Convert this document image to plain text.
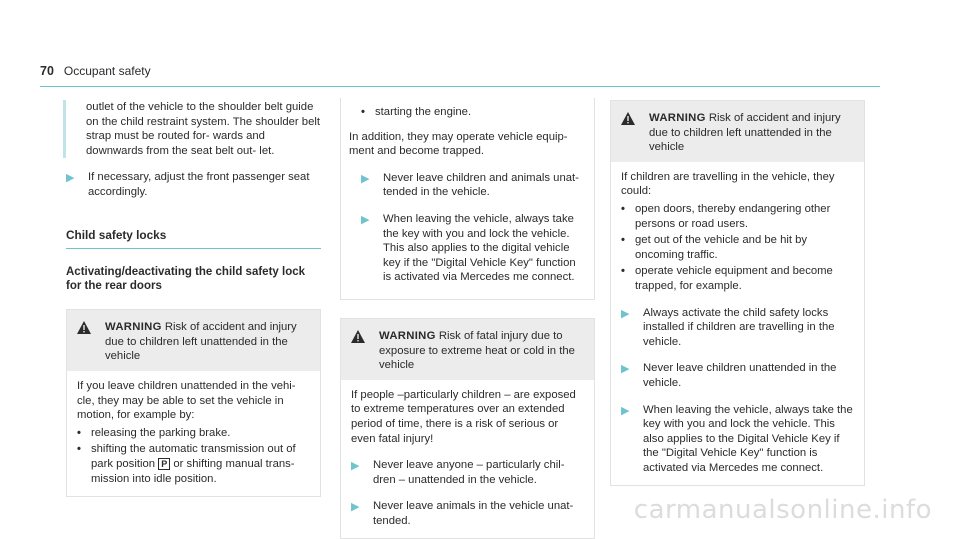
70 Occupant safety
outlet of the vehicle to the shoulder belt guide on the child restraint system. The shoulder belt strap must be routed for- wards and downwards from the seat belt out- let.
▶	If necessary, adjust the front passenger seat accordingly.
Child safety locks
Activating/deactivating the child safety lock for the rear doors
WARNING Risk of accident and injury due to children left unattended in the vehicle
If you leave children unattended in the vehi- cle, they may be able to set the vehicle in motion, for example by:
• releasing the parking brake.
• shifting the automatic transmission out of park position P or shifting manual trans- mission into idle position.
• starting the engine.
In addition, they may operate vehicle equip- ment and become trapped.
▶	Never leave children and animals unat- tended in the vehicle.
▶	When leaving the vehicle, always take the key with you and lock the vehicle. This also applies to the digital vehicle key if the "Digital Vehicle Key" function is activated via Mercedes me connect.
WARNING Risk of fatal injury due to exposure to extreme heat or cold in the vehicle
If people –particularly children – are exposed to extreme temperatures over an extended period of time, there is a risk of serious or even fatal injury!
▶	Never leave anyone – particularly chil- dren – unattended in the vehicle.
▶	Never leave animals in the vehicle unat- tended.
WARNING Risk of accident and injury due to children left unattended in the vehicle
If children are travelling in the vehicle, they could:
• open doors, thereby endangering other persons or road users.
• get out of the vehicle and be hit by oncoming traffic.
• operate vehicle equipment and become trapped, for example.
▶	Always activate the child safety locks installed if children are travelling in the vehicle.
▶	Never leave children unattended in the vehicle.
▶	When leaving the vehicle, always take the key with you and lock the vehicle. This also applies to the Digital Vehicle Key if the "Digital Vehicle Key" function is activated via Mercedes me connect.
carmanualsonline.info
